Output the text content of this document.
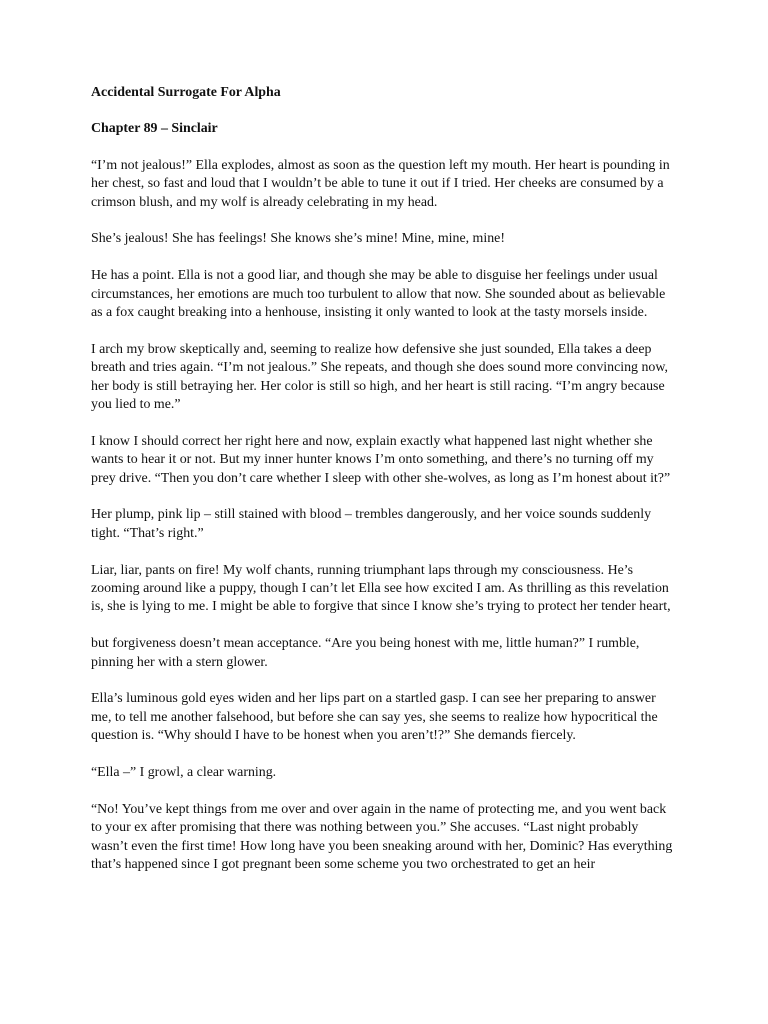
Accidental Surrogate For Alpha
Chapter 89 – Sinclair

“I’m not jealous!” Ella explodes, almost as soon as the question left my mouth. Her heart is pounding in her chest, so fast and loud that I wouldn’t be able to tune it out if I tried. Her cheeks are consumed by a crimson blush, and my wolf is already celebrating in my head.

She’s jealous! She has feelings! She knows she’s mine! Mine, mine, mine!

He has a point. Ella is not a good liar, and though she may be able to disguise her feelings under usual circumstances, her emotions are much too turbulent to allow that now. She sounded about as believable as a fox caught breaking into a henhouse, insisting it only wanted to look at the tasty morsels inside.

I arch my brow skeptically and, seeming to realize how defensive she just sounded, Ella takes a deep breath and tries again. “I’m not jealous.” She repeats, and though she does sound more convincing now, her body is still betraying her. Her color is still so high, and her heart is still racing. “I’m angry because you lied to me.”

I know I should correct her right here and now, explain exactly what happened last night whether she wants to hear it or not. But my inner hunter knows I’m onto something, and there’s no turning off my prey drive. “Then you don’t care whether I sleep with other she-wolves, as long as I’m honest about it?”

Her plump, pink lip – still stained with blood – trembles dangerously, and her voice sounds suddenly tight. “That’s right.”

Liar, liar, pants on fire! My wolf chants, running triumphant laps through my consciousness. He’s zooming around like a puppy, though I can’t let Ella see how excited I am. As thrilling as this revelation is, she is lying to me. I might be able to forgive that since I know she’s trying to protect her tender heart,

but forgiveness doesn’t mean acceptance. “Are you being honest with me, little human?” I rumble, pinning her with a stern glower.

Ella’s luminous gold eyes widen and her lips part on a startled gasp. I can see her preparing to answer me, to tell me another falsehood, but before she can say yes, she seems to realize how hypocritical the question is. “Why should I have to be honest when you aren’t!?” She demands fiercely.

“Ella –” I growl, a clear warning.

“No! You’ve kept things from me over and over again in the name of protecting me, and you went back to your ex after promising that there was nothing between you.” She accuses. “Last night probably wasn’t even the first time! How long have you been sneaking around with her, Dominic? Has everything that’s happened since I got pregnant been some scheme you two orchestrated to get an heir
